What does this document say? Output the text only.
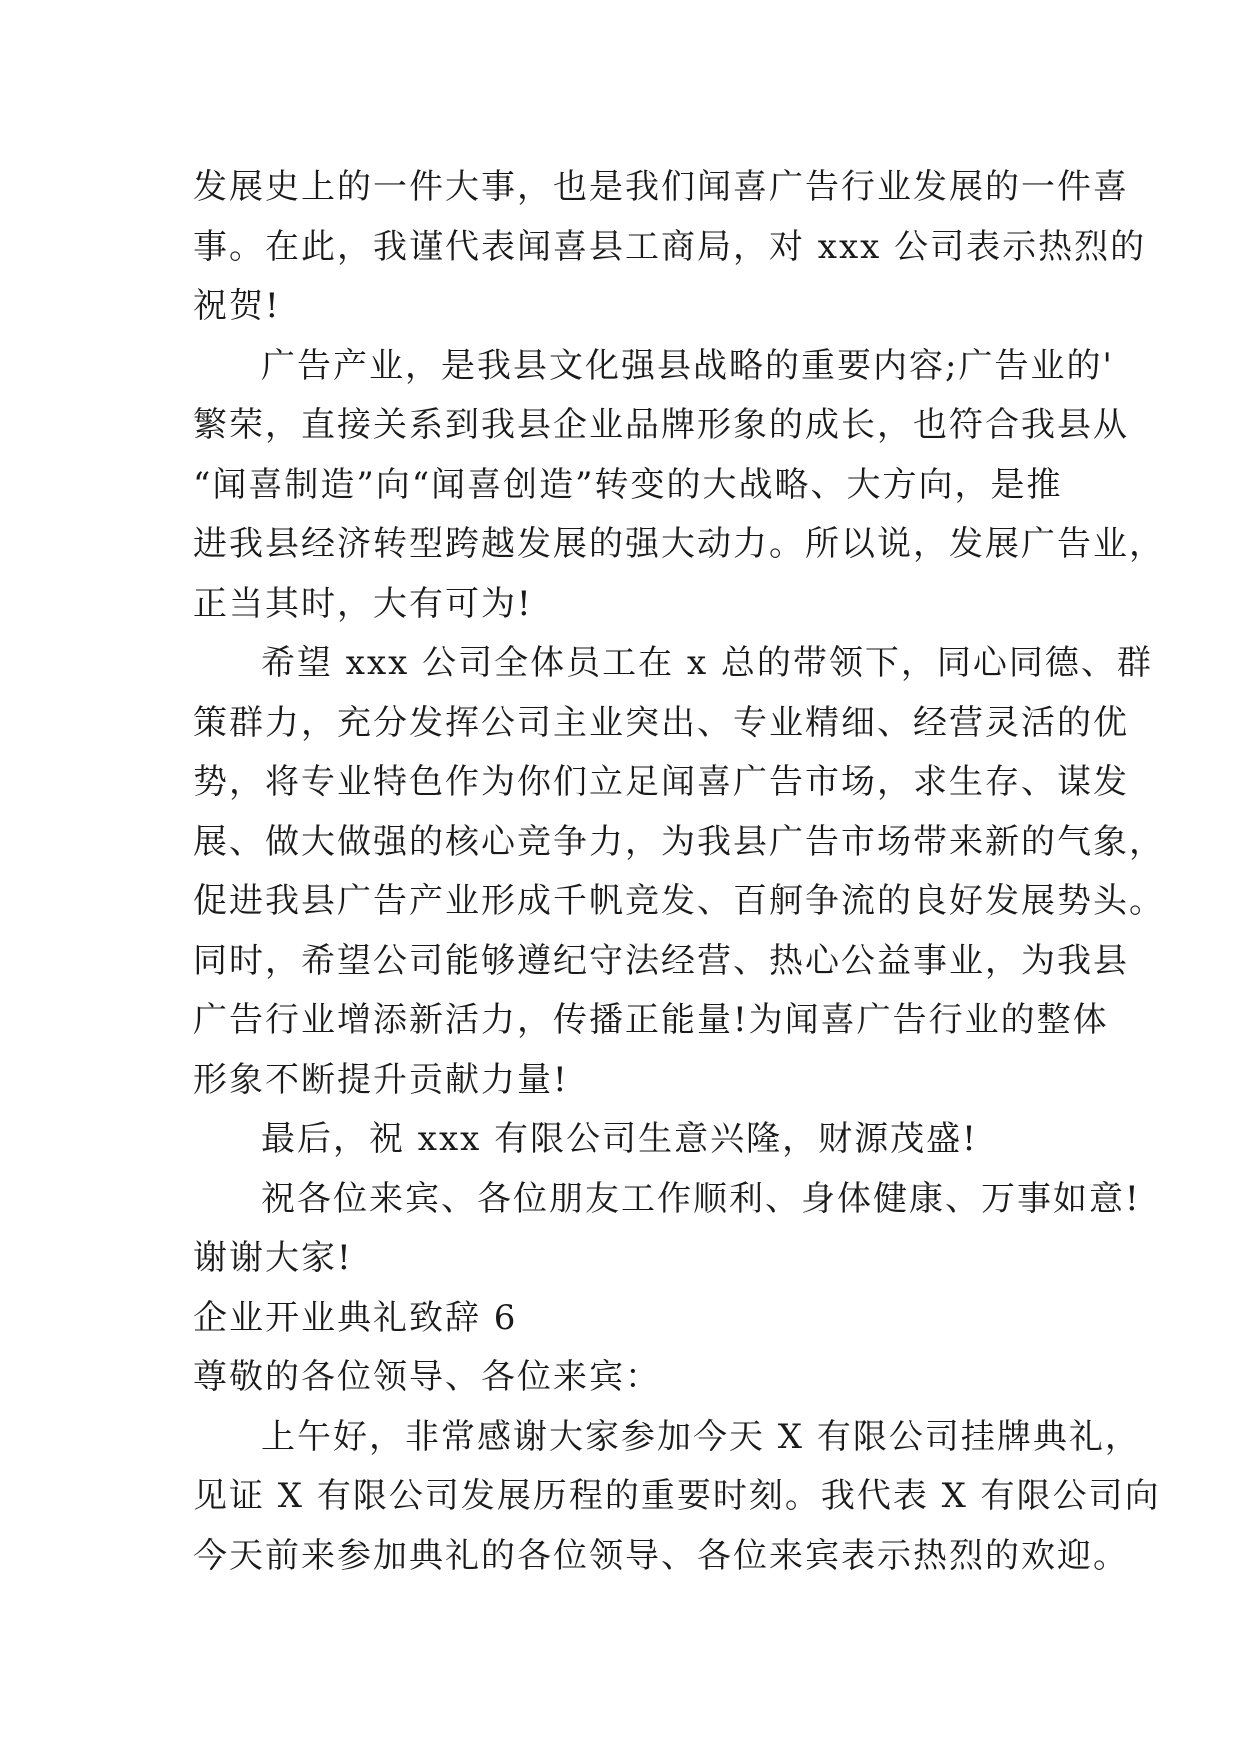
发展史上的一件大事，也是我们闻喜广告行业发展的一件喜
事。在此，我谨代表闻喜县工商局，对 xxx 公司表示热烈的
祝贺!
广告产业，是我县文化强县战略的重要内容;广告业的'
繁荣，直接关系到我县企业品牌形象的成长，也符合我县从
“闻喜制造”向“闻喜创造”转变的大战略、大方向，是推
进我县经济转型跨越发展的强大动力。所以说，发展广告业，
正当其时，大有可为!
希望 xxx 公司全体员工在 x 总的带领下，同心同德、群
策群力，充分发挥公司主业突出、专业精细、经营灵活的优
势，将专业特色作为你们立足闻喜广告市场，求生存、谋发
展、做大做强的核心竞争力，为我县广告市场带来新的气象，
促进我县广告产业形成千帆竞发、百舸争流的良好发展势头。
同时，希望公司能够遵纪守法经营、热心公益事业，为我县
广告行业增添新活力，传播正能量!为闻喜广告行业的整体
形象不断提升贡献力量!
最后，祝 xxx 有限公司生意兴隆，财源茂盛!
祝各位来宾、各位朋友工作顺利、身体健康、万事如意!
谢谢大家!
企业开业典礼致辞 6
尊敬的各位领导、各位来宾：
上午好，非常感谢大家参加今天 X 有限公司挂牌典礼，
见证 X 有限公司发展历程的重要时刻。我代表 X 有限公司向
今天前来参加典礼的各位领导、各位来宾表示热烈的欢迎。
